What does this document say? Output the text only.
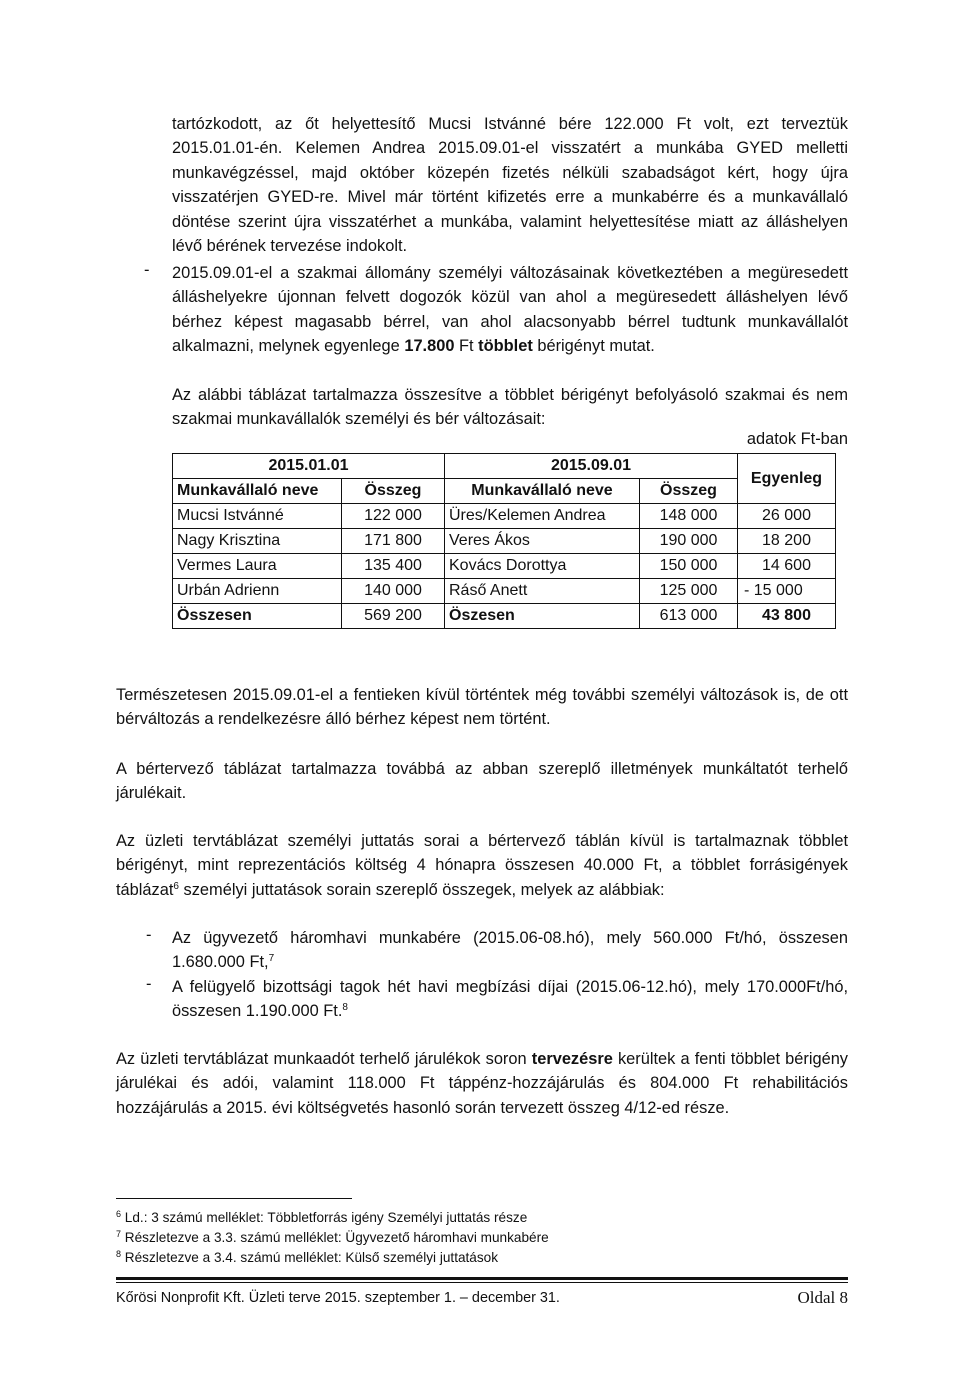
tartózkodott, az őt helyettesítő Mucsi Istvánné bére 122.000 Ft volt, ezt terveztük 2015.01.01-én. Kelemen Andrea 2015.09.01-el visszatért a munkába GYED melletti munkavégzéssel, majd október közepén fizetés nélküli szabadságot kért, hogy újra visszatérjen GYED-re. Mivel már történt kifizetés erre a munkabérre és a munkavállaló döntése szerint újra visszatérhet a munkába, valamint helyettesítése miatt az álláshelyen lévő bérének tervezése indokolt.

- 2015.09.01-el a szakmai állomány személyi változásainak következtében a megüresedett álláshelyekre újonnan felvett dogozók közül van ahol a megüresedett álláshelyen lévő bérhez képest magasabb bérrel, van ahol alacsonyabb bérrel tudtunk munkavállalót alkalmazni, melynek egyenlege 17.800 Ft többlet bérigényt mutat.

Az alábbi táblázat tartalmazza összesítve a többlet bérigényt befolyásoló szakmai és nem szakmai munkavállalók személyi és bér változásait:

adatok Ft-ban
2015.01.01		2015.09.01		Egyenleg
Munkavállaló neve	Összeg	Munkavállaló neve	Összeg	
Mucsi Istvánné	122 000	Üres/Kelemen Andrea	148 000	26 000
Nagy Krisztina	171 800	Veres Ákos	190 000	18 200
Vermes Laura	135 400	Kovács Dorottya	150 000	14 600
Urbán Adrienn	140 000	Ráső Anett	125 000	- 15 000
Összesen	569 200	Öszesen	613 000	43 800

Természetesen 2015.09.01-el a fentieken kívül történtek még további személyi változások is, de ott bérváltozás a rendelkezésre álló bérhez képest nem történt.

A bértervező táblázat tartalmazza továbbá az abban szereplő illetmények munkáltatót terhelő járulékait.

Az üzleti tervtáblázat személyi juttatás sorai a bértervező táblán kívül is tartalmaznak többlet bérigényt, mint reprezentációs költség 4 hónapra összesen 40.000 Ft, a többlet forrásigények táblázat$^6$ személyi juttatások sorain szereplő összegek, melyek az alábbiak:

- Az ügyvezető háromhavi munkabére (2015.06-08.hó), mely 560.000 Ft/hó, összesen 1.680.000 Ft,$^7$

- A felügyelő bizottsági tagok hét havi megbízási díjai (2015.06-12.hó), mely 170.000Ft/hó, összesen 1.190.000 Ft.$^8$

Az üzleti tervtáblázat munkaadót terhelő járulékok soron tervezésre kerültek a fenti többlet bérigény járulékai és adói, valamint 118.000 Ft táppénz-hozzájárulás és 804.000 Ft rehabilitációs hozzájárulás a 2015. évi költségvetés hasonló során tervezett összeg 4/12-ed része.

$^6$ Ld.: 3 számú melléklet: Többletforrás igény Személyi juttatás része
$^7$ Részletezve a 3.3. számú melléklet: Ügyvezető háromhavi munkabére
$^8$ Részletezve a 3.4. számú melléklet: Külső személyi juttatások
Kőrösi Nonprofit Kft. Üzleti terve 2015. szeptember 1. – december 31.	Oldal 8
